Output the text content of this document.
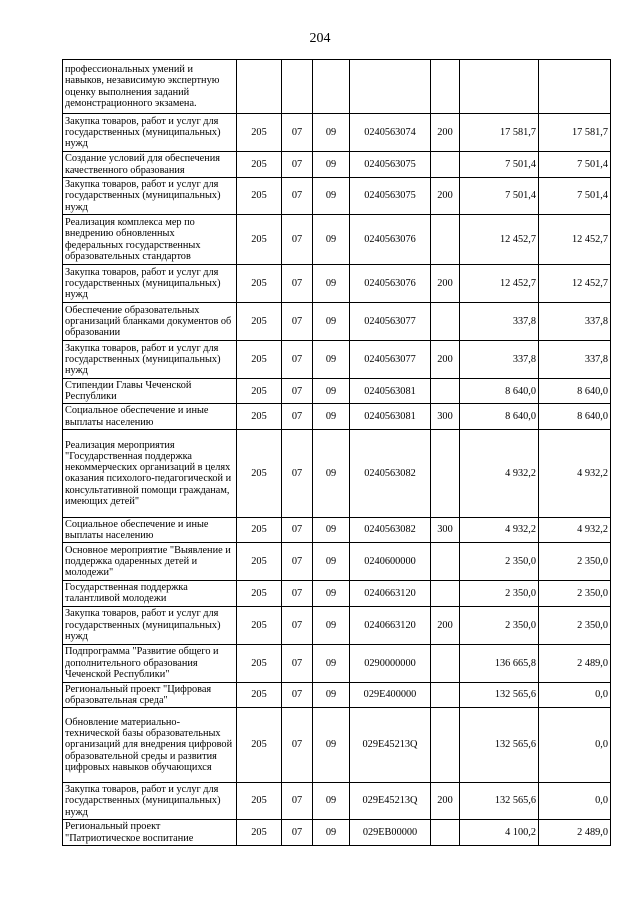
204
профессиональных умений и навыков, независимую экспертную оценку выполнения заданий демонстрационного экзамена.							
Закупка товаров, работ и услуг для государственных (муниципальных) нужд	205	07	09	0240563074	200	17 581,7	17 581,7
Создание условий для обеспечения качественного образования	205	07	09	0240563075		7 501,4	7 501,4
Закупка товаров, работ и услуг для государственных (муниципальных) нужд	205	07	09	0240563075	200	7 501,4	7 501,4
Реализация комплекса мер по внедрению обновленных федеральных государственных образовательных стандартов	205	07	09	0240563076		12 452,7	12 452,7
Закупка товаров, работ и услуг для государственных (муниципальных) нужд	205	07	09	0240563076	200	12 452,7	12 452,7
Обеспечение образовательных организаций бланками документов об образовании	205	07	09	0240563077		337,8	337,8
Закупка товаров, работ и услуг для государственных (муниципальных) нужд	205	07	09	0240563077	200	337,8	337,8
Стипендии Главы Чеченской Республики	205	07	09	0240563081		8 640,0	8 640,0
Социальное обеспечение и иные выплаты населению	205	07	09	0240563081	300	8 640,0	8 640,0
Реализация мероприятия "Государственная поддержка некоммерческих организаций в целях оказания психолого-педагогической и консультативной помощи гражданам, имеющих детей"	205	07	09	0240563082		4 932,2	4 932,2
Социальное обеспечение и иные выплаты населению	205	07	09	0240563082	300	4 932,2	4 932,2
Основное мероприятие "Выявление и поддержка одаренных детей и молодежи"	205	07	09	0240600000		2 350,0	2 350,0
Государственная поддержка талантливой молодежи	205	07	09	0240663120		2 350,0	2 350,0
Закупка товаров, работ и услуг для государственных (муниципальных) нужд	205	07	09	0240663120	200	2 350,0	2 350,0
Подпрограмма "Развитие общего и дополнительного образования Чеченской Республики"	205	07	09	0290000000		136 665,8	2 489,0
Региональный проект "Цифровая образовательная среда"	205	07	09	029E400000		132 565,6	0,0
Обновление материально-технической базы образовательных организаций для внедрения цифровой образовательной среды и развития цифровых навыков обучающихся	205	07	09	029E45213Q		132 565,6	0,0
Закупка товаров, работ и услуг для государственных (муниципальных) нужд	205	07	09	029E45213Q	200	132 565,6	0,0
Региональный проект "Патриотическое воспитание	205	07	09	029EB00000		4 100,2	2 489,0
